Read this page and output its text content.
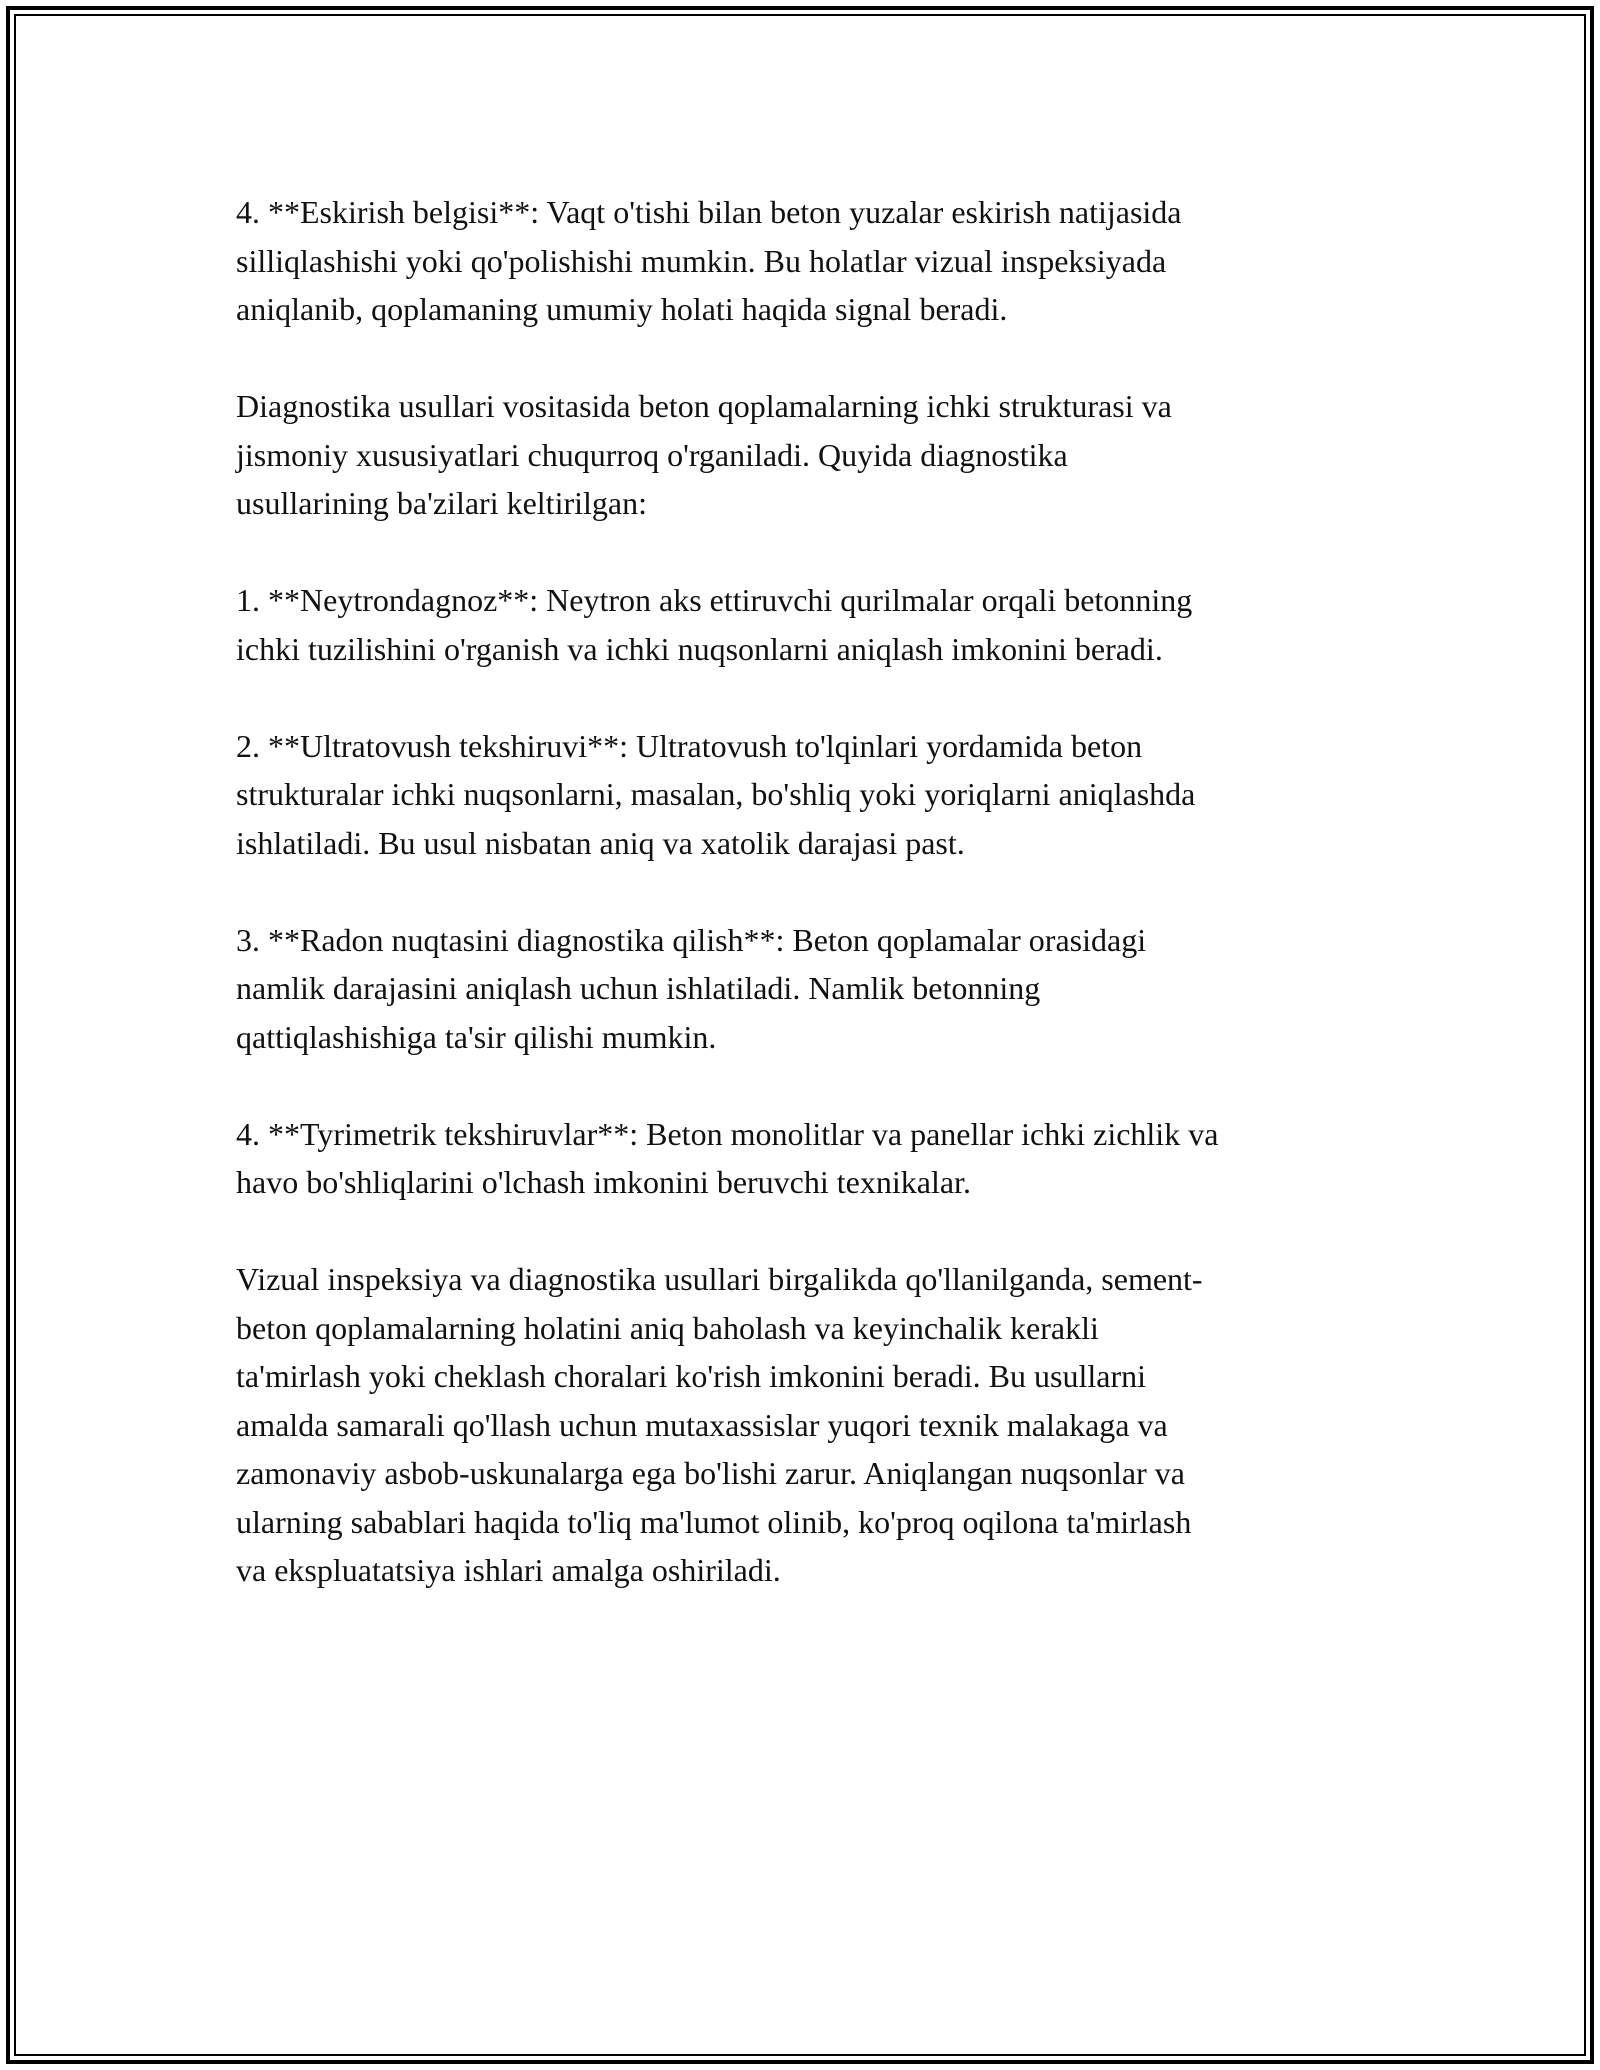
4. **Eskirish belgisi**: Vaqt o'tishi bilan beton yuzalar eskirish natijasida
silliqlashishi yoki qo'polishishi mumkin. Bu holatlar vizual inspeksiyada
aniqlanib, qoplamaning umumiy holati haqida signal beradi.

Diagnostika usullari vositasida beton qoplamalarning ichki strukturasi va
jismoniy xususiyatlari chuqurroq o'rganiladi. Quyida diagnostika
usullarining ba'zilari keltirilgan:

1. **Neytrondagnoz**: Neytron aks ettiruvchi qurilmalar orqali betonning
ichki tuzilishini o'rganish va ichki nuqsonlarni aniqlash imkonini beradi.

2. **Ultratovush tekshiruvi**: Ultratovush to'lqinlari yordamida beton
strukturalar ichki nuqsonlarni, masalan, bo'shliq yoki yoriqlarni aniqlashda
ishlatiladi. Bu usul nisbatan aniq va xatolik darajasi past.

3. **Radon nuqtasini diagnostika qilish**: Beton qoplamalar orasidagi
namlik darajasini aniqlash uchun ishlatiladi. Namlik betonning
qattiqlashishiga ta'sir qilishi mumkin.

4. **Tyrimetrik tekshiruvlar**: Beton monolitlar va panellar ichki zichlik va
havo bo'shliqlarini o'lchash imkonini beruvchi texnikalar.

Vizual inspeksiya va diagnostika usullari birgalikda qo'llanilganda, sement-
beton qoplamalarning holatini aniq baholash va keyinchalik kerakli
ta'mirlash yoki cheklash choralari ko'rish imkonini beradi. Bu usullarni
amalda samarali qo'llash uchun mutaxassislar yuqori texnik malakaga va
zamonaviy asbob-uskunalarga ega bo'lishi zarur. Aniqlangan nuqsonlar va
ularning sabablari haqida to'liq ma'lumot olinib, ko'proq oqilona ta'mirlash
va ekspluatatsiya ishlari amalga oshiriladi.
